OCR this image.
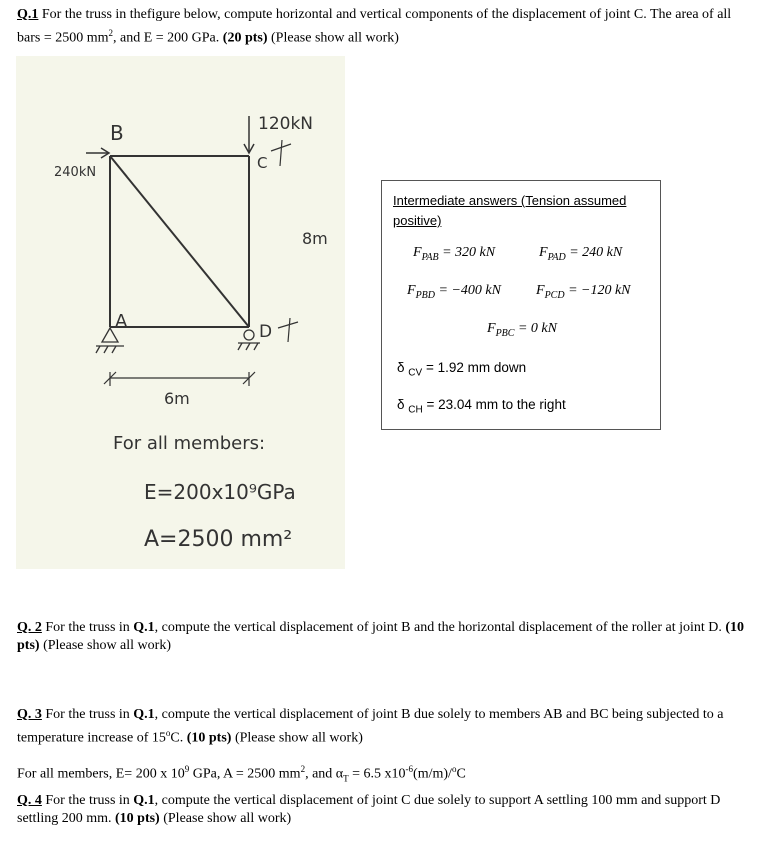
Q.1 For the truss in thefigure below, compute horizontal and vertical components of the displacement of joint C. The area of all bars = 2500 $mm^2$, and E = 200 GPa. (20 pts) (Please show all work)
120kN
240kN
B
C
A	D
8m
6m
For all members:
E=200x10⁹GPa
A=2500 mm²
Intermediate answers (Tension assumed positive)
$F_{PAB} = 320$ kN	$F_{PAD} = 240$ kN
$F_{PBD} = -400$ kN	$F_{PCD} = -120$ kN
$F_{PBC} = 0$ kN
δ $_{CV}$ = 1.92 mm down
δ $_{CH}$ = 23.04 mm to the right
Q. 2 For the truss in Q.1, compute the vertical displacement of joint B and the horizontal displacement of the roller at joint D. (10 pts) (Please show all work)
Q. 3 For the truss in Q.1, compute the vertical displacement of joint B due solely to members AB and BC being subjected to a temperature increase of 15$^o$C. (10 pts) (Please show all work)
For all members, E= 200 x $10^9$ GPa, A = 2500 $mm^2$, and $\alpha_T = 6.5$ $x10^{-6}(m/m)/^oC$
Q. 4 For the truss in Q.1, compute the vertical displacement of joint C due solely to support A settling 100 mm and support D settling 200 mm. (10 pts) (Please show all work)
